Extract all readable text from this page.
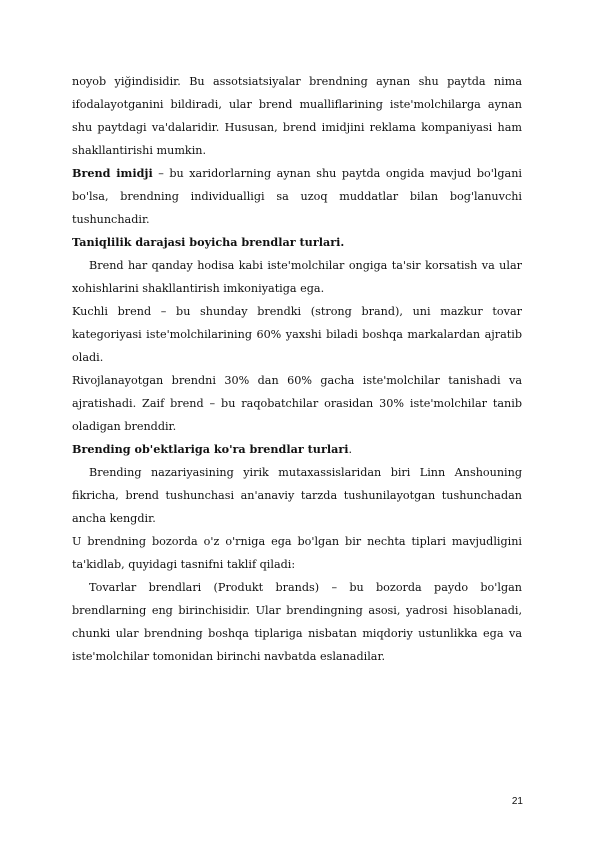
noyob yiğindisidir. Bu assotsiatsiyalar brendning aynan shu paytda nima ifodalayotganini bildiradi, ular brend mualliflarining iste'molchilarga aynan shu paytdagi va'dalaridir. Hususan, brend imidjini reklama kompaniyasi ham shakllantirishi mumkin.

Brend imidji – bu xaridorlarning aynan shu paytda ongida mavjud bo'lgani bo'lsa, brendning individualligi sa uzoq muddatlar bilan bog'lanuvchi tushunchadir.

Taniqlilik darajasi boyicha brendlar turlari.

Brend har qanday hodisa kabi iste'molchilar ongiga ta'sir korsatish va ular xohishlarini shakllantirish imkoniyatiga ega.

Kuchli brend – bu shunday brendki (strong brand), uni mazkur tovar kategoriyasi iste'molchilarining 60% yaxshi biladi boshqa markalardan ajratib oladi.

Rivojlanayotgan brendni 30% dan 60% gacha iste'molchilar tanishadi va ajratishadi. Zaif brend – bu raqobatchilar orasidan 30% iste'molchilar tanib oladigan brenddir.

Brending ob'ektlariga ko'ra brendlar turlari.

Brending nazariyasining yirik mutaxassislaridan biri Linn Anshouning fikricha, brend tushunchasi an'anaviy tarzda tushunilayotgan tushunchadan ancha kengdir.

U brendning bozorda o'z o'rniga ega bo'lgan bir nechta tiplari mavjudligini ta'kidlab, quyidagi tasnifni taklif qiladi:

Tovarlar brendlari (Produkt brands) – bu bozorda paydo bo'lgan brendlarning eng birinchisidir. Ular brendingning asosi, yadrosi hisoblanadi, chunki ular brendning boshqa tiplariga nisbatan miqdoriy ustunlikka ega va iste'molchilar tomonidan birinchi navbatda eslanadilar.

21
